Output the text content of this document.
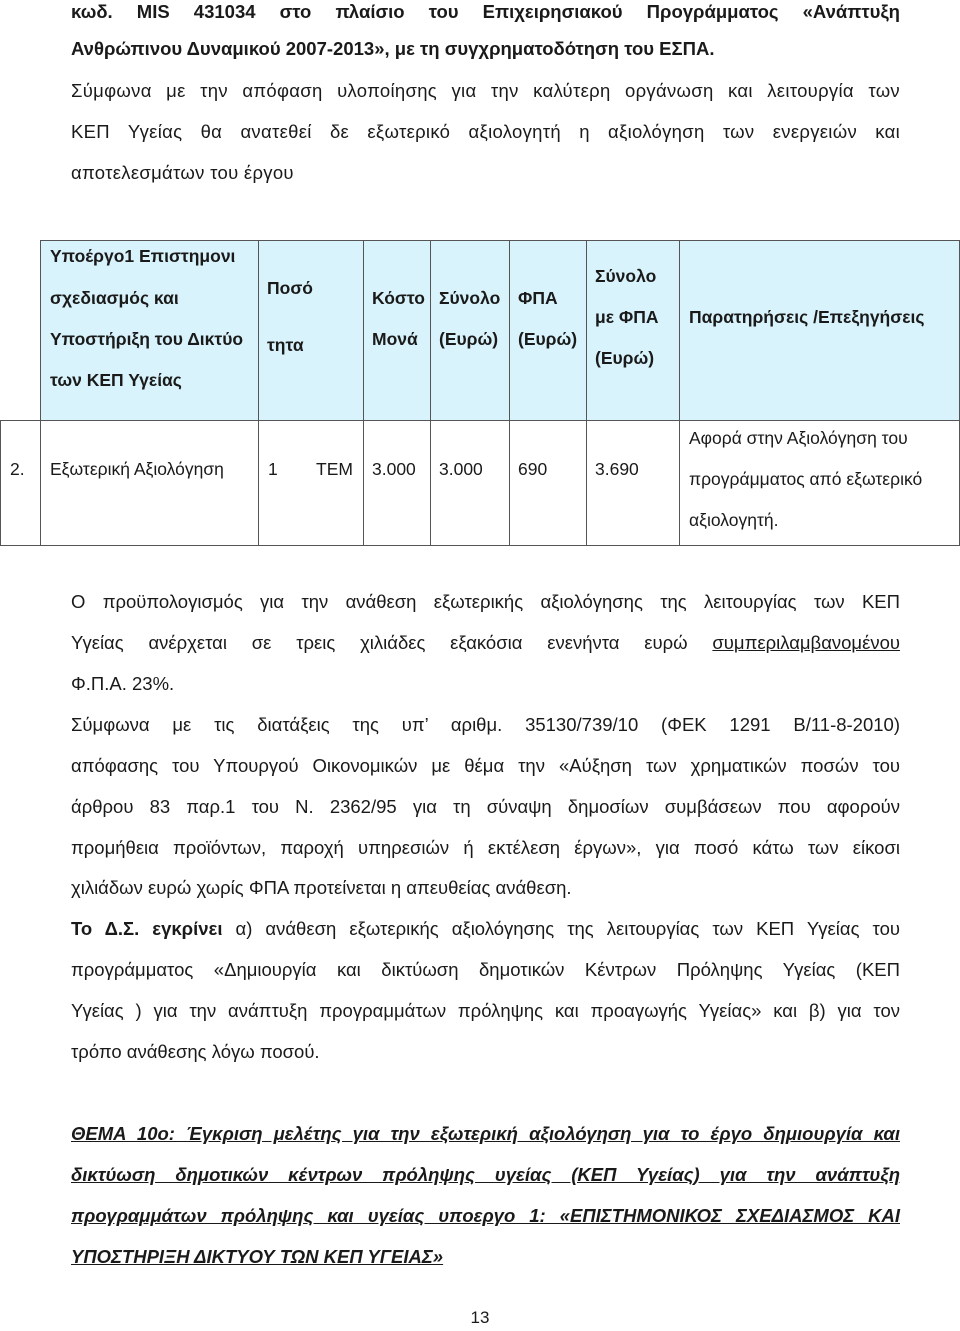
κωδ. MIS 431034 στο πλαίσιο του Επιχειρησιακού Προγράμματος «Ανάπτυξη
Ανθρώπινου Δυναμικού 2007-2013», με τη συγχρηματοδότηση του ΕΣΠΑ.
Σύμφωνα με την απόφαση υλοποίησης για την καλύτερη οργάνωση και λειτουργία των
ΚΕΠ Υγείας θα ανατεθεί δε εξωτερικό αξιολογητή η αξιολόγηση των ενεργειών και
αποτελεσμάτων του έργου
Υποέργο1 Επιστημονι
σχεδιασμός και
Υποστήριξη του Δικτύο
των ΚΕΠ Υγείας
Ποσό
τητα
Κόστο
Μονά
Σύνολο
(Ευρώ)
ΦΠΑ
(Ευρώ)
Σύνολο
με ΦΠΑ
(Ευρώ)
Παρατηρήσεις /Επεξηγήσεις
2. Εξωτερική Αξιολόγηση	1 ΤΕΜ 3.000 3.000 690	3.690
Αφορά στην Αξιολόγηση του
προγράμματος από εξωτερικό
αξιολογητή.
Ο προϋπολογισμός για την ανάθεση εξωτερικής αξιολόγησης της λειτουργίας των ΚΕΠ
Υγείας ανέρχεται σε τρεις χιλιάδες εξακόσια ενενήντα ευρώ συμπεριλαμβανομένου
Φ.Π.Α. 23%.
Σύμφωνα με τις διατάξεις της υπ’ αριθμ. 35130/739/10 (ΦΕΚ 1291 Β/11-8-2010)
απόφασης του Υπουργού Οικονομικών με θέμα την «Αύξηση των χρηματικών ποσών του
άρθρου 83 παρ.1 του Ν. 2362/95 για τη σύναψη δημοσίων συμβάσεων που αφορούν
προμήθεια προϊόντων, παροχή υπηρεσιών ή εκτέλεση έργων», για ποσό κάτω των είκοσι
χιλιάδων ευρώ χωρίς ΦΠΑ προτείνεται η απευθείας ανάθεση.
Το Δ.Σ. εγκρίνει α) ανάθεση εξωτερικής αξιολόγησης της λειτουργίας των ΚΕΠ Υγείας του
προγράμματος «Δημιουργία και δικτύωση δημοτικών Κέντρων Πρόληψης Υγείας (ΚΕΠ
Υγείας ) για την ανάπτυξη προγραμμάτων πρόληψης και προαγωγής Υγείας» και β) για τον
τρόπο ανάθεσης λόγω ποσού.
ΘΕΜΑ 10ο: Έγκριση μελέτης για την εξωτερική αξιολόγηση για το έργο δημιουργία και
δικτύωση δημοτικών κέντρων πρόληψης υγείας (ΚΕΠ Υγείας) για την ανάπτυξη
προγραμμάτων πρόληψης και υγείας υποεργο 1: «ΕΠΙΣΤΗΜΟΝΙΚΟΣ ΣΧΕΔΙΑΣΜΟΣ ΚΑΙ
ΥΠΟΣΤΗΡΙΞΗ ΔΙΚΤΥΟΥ ΤΩΝ ΚΕΠ ΥΓΕΙΑΣ»
13
